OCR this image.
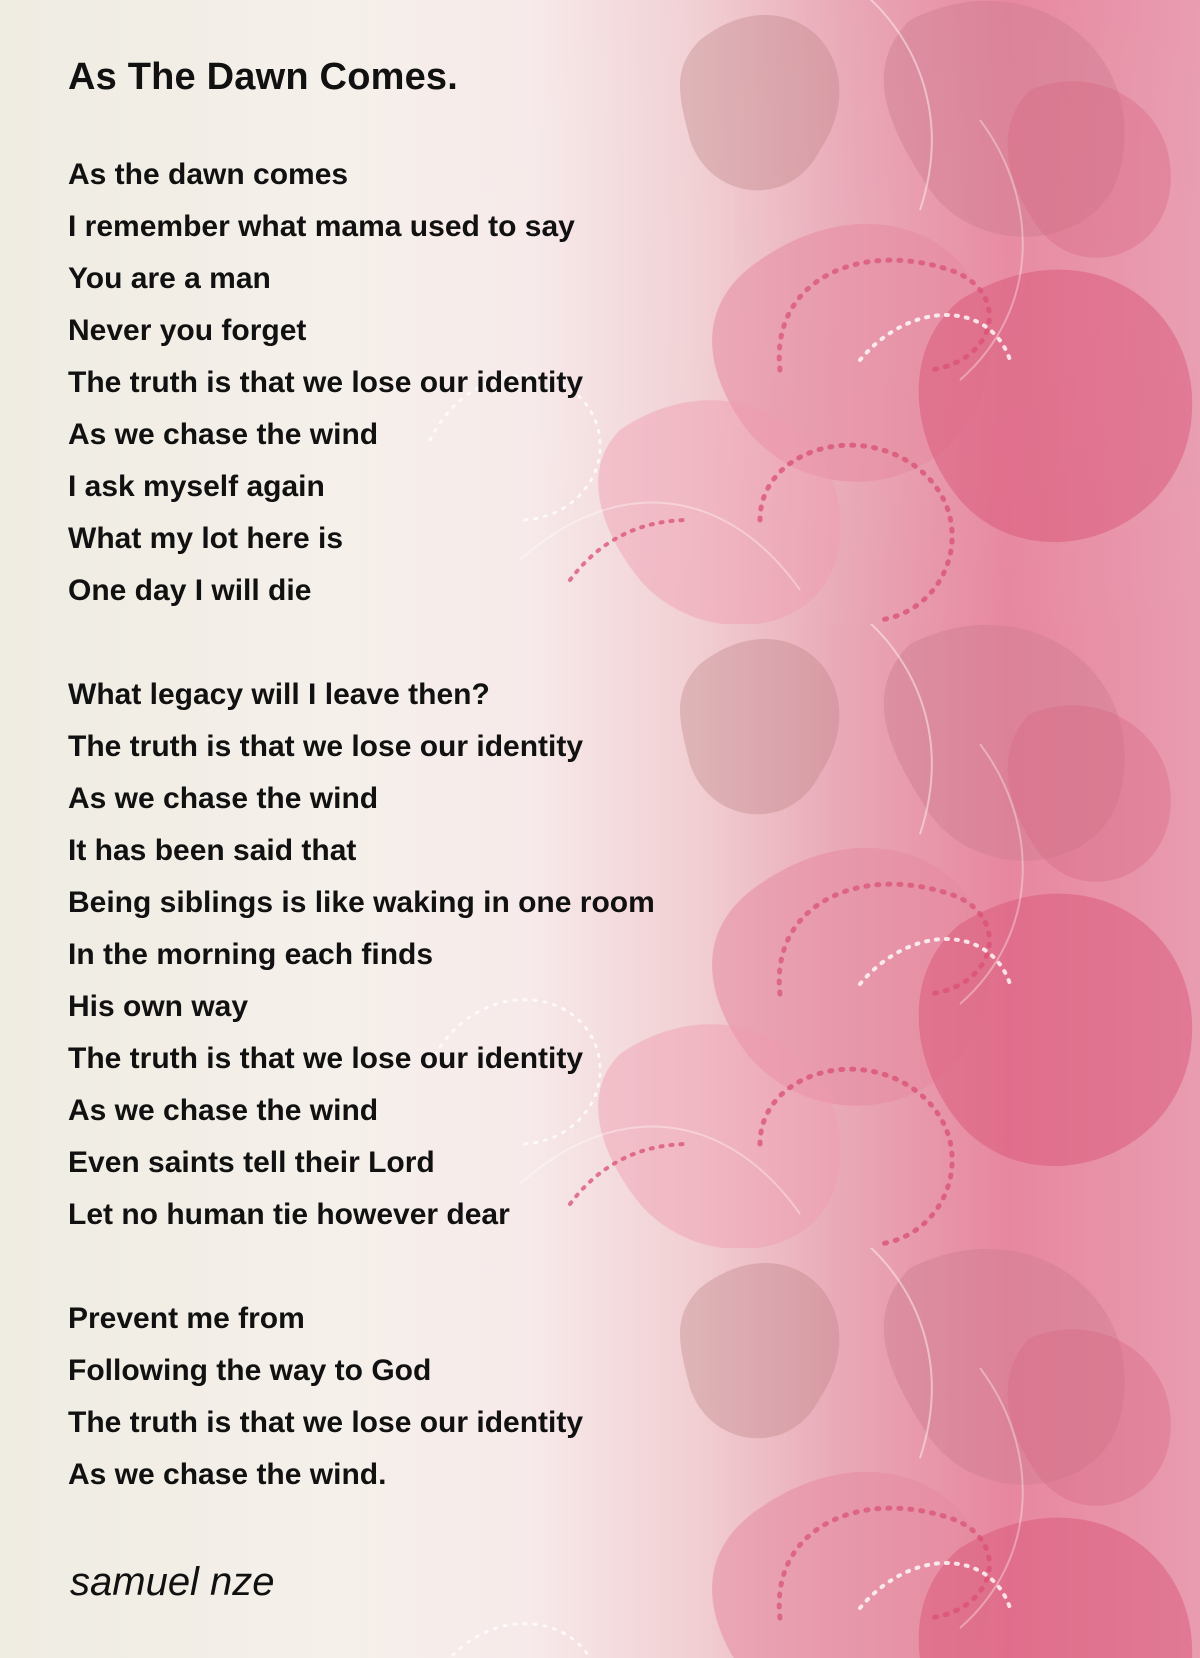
As The Dawn Comes.
As the dawn comes
I remember what mama used to say
You are a man
Never you forget
The truth is that we lose our identity
As we chase the wind
I ask myself again
What my lot here is
One day I will die
What legacy will I leave then?
The truth is that we lose our identity
As we chase the wind
It has been said that
Being siblings is like waking in one room
In the morning each finds
His own way
The truth is that we lose our identity
As we chase the wind
Even saints tell their Lord
Let no human tie however dear
Prevent me from
Following the way to God
The truth is that we lose our identity
As we chase the wind.
samuel nze
